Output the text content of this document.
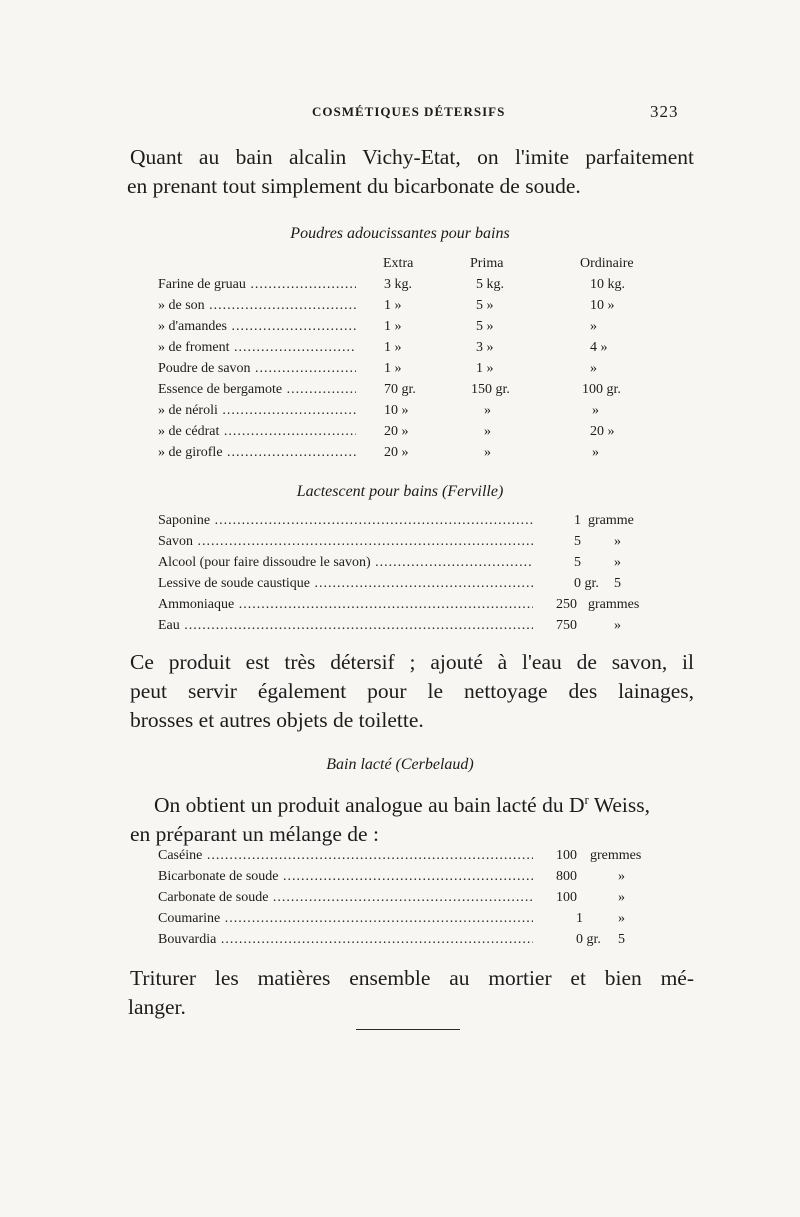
COSMÉTIQUES DÉTERSIFS	323

Quant au bain alcalin Vichy-Etat, on l'imite parfaitement
en prenant tout simplement du bicarbonate de soude.

Poudres adoucissantes pour bains
Extra	Prima	Ordinaire
Farine de gruau .....	3 kg.	5 kg.	10 kg.
» de son .....	1 »	5 »	10 »
» d'amandes .....	1 »	5 »	»
» de froment .....	1 »	3 »	4 »
Poudre de savon .....	1 »	1 »	»
Essence de bergamote .....	70 gr.	150 gr.	100 gr.
» de néroli .....	10 »	»	»
» de cédrat .....	20 »	»	20 »
» de girofle .....	20 »	»	»
Lactescent pour bains (Ferville)
Saponine .....	1 gramme
Savon .....	5 »
Alcool (pour faire dissoudre le savon) .....	5 »
Lessive de soude caustique .....	0 gr. 5
Ammoniaque .....	250 grammes
Eau .....	750	»

Ce produit est très détersif ; ajouté à l'eau de savon, il
peut servir également pour le nettoyage des lainages,
brosses et autres objets de toilette.

Bain lacté (Cerbelaud)

On obtient un produit analogue au bain lacté du $D^r$ Weiss,
en préparant un mélange de :

Caséine .....	100 gremmes
Bicarbonate de soude .....	800	»
Carbonate de soude .....	100	»
Coumarine .....	1	»
Bouvardia .....	0 gr. 5

Triturer les matières ensemble au mortier et bien mé-
langer.
